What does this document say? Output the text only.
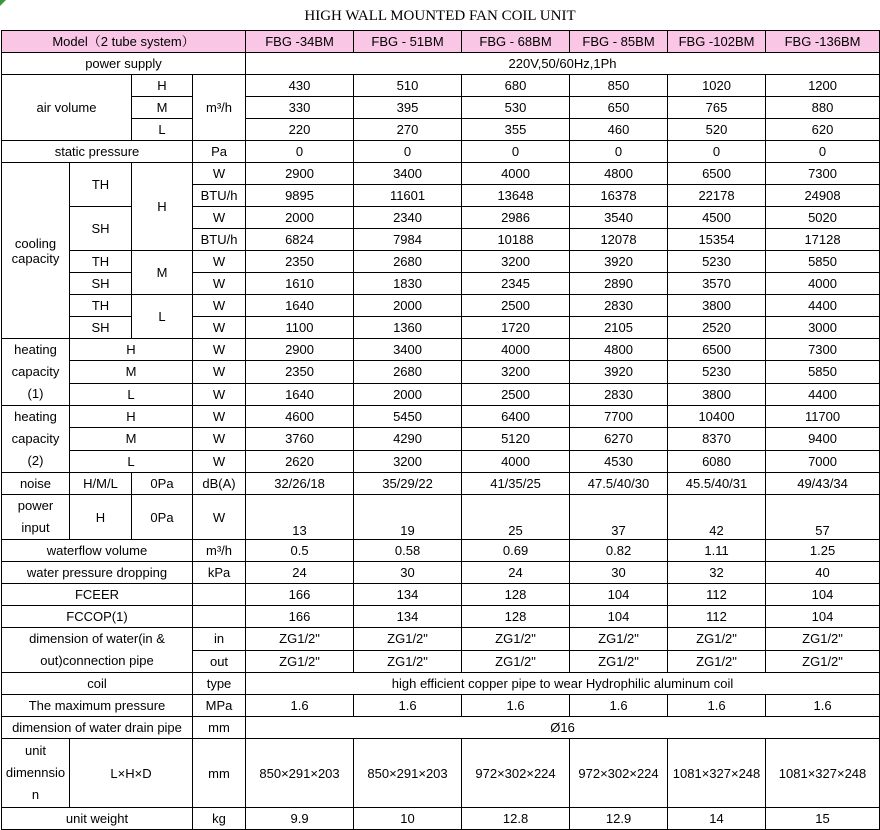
HIGH WALL MOUNTED FAN COIL UNIT
Model（2 tube system）				FBG -34BM	FBG - 51BM	FBG - 68BM	FBG - 85BM	FBG -102BM	FBG -136BM
power supply				220V,50/60Hz,1Ph					
air volume		H	m³/h	430	510	680	850	1020	1200
		M		330	395	530	650	765	880
		L		220	270	355	460	520	620
static pressure			Pa	0	0	0	0	0	0

cooling
capacity	TH	H	W	2900	3400	4000	4800	6500	7300
			BTU/h	9895	11601	13648	16378	22178	24908
	SH		W	2000	2340	2986	3540	4500	5020
			BTU/h	6824	7984	10188	12078	15354	17128
	TH	M	W	2350	2680	3200	3920	5230	5850
	SH		W	1610	1830	2345	2890	3570	4000
	TH	L	W	1640	2000	2500	2830	3800	4400
	SH		W	1100	1360	1720	2105	2520	3000

heating
capacity
(1)	H		W	2900	3400	4000	4800	6500	7300
	M		W	2350	2680	3200	3920	5230	5850
	L		W	1640	2000	2500	2830	3800	4400

heating
capacity
(2)	H		W	4600	5450	6400	7700	10400	11700
	M		W	3760	4290	5120	6270	8370	9400
	L		W	2620	3200	4000	4530	6080	7000
noise	H/M/L	0Pa	dB(A)	32/26/18	35/29/22	41/35/25	47.5/40/30	45.5/40/31	49/43/34

power
input	H	0Pa	W	13	19	25	37	42	57
waterflow volume			m³/h	0.5	0.58	0.69	0.82	1.11	1.25
water pressure dropping			kPa	24	30	24	30	32	40
FCEER				166	134	128	104	112	104
FCCOP(1)				166	134	128	104	112	104

dimension of water(in &
out)connection pipe			in	ZG1/2"	ZG1/2"	ZG1/2"	ZG1/2"	ZG1/2"	ZG1/2"
			out	ZG1/2"	ZG1/2"	ZG1/2"	ZG1/2"	ZG1/2"	ZG1/2"
coil			type	high efficient copper pipe to wear Hydrophilic aluminum coil					
The maximum pressure			MPa	1.6	1.6	1.6	1.6	1.6	1.6
dimension of water drain pipe			mm	Ø16					

unit
dimennsio
n	L×H×D		mm	850×291×203	850×291×203	972×302×224	972×302×224	1081×327×248	1081×327×248

unit weight			kg	9.9	10	12.8	12.9	14	15
